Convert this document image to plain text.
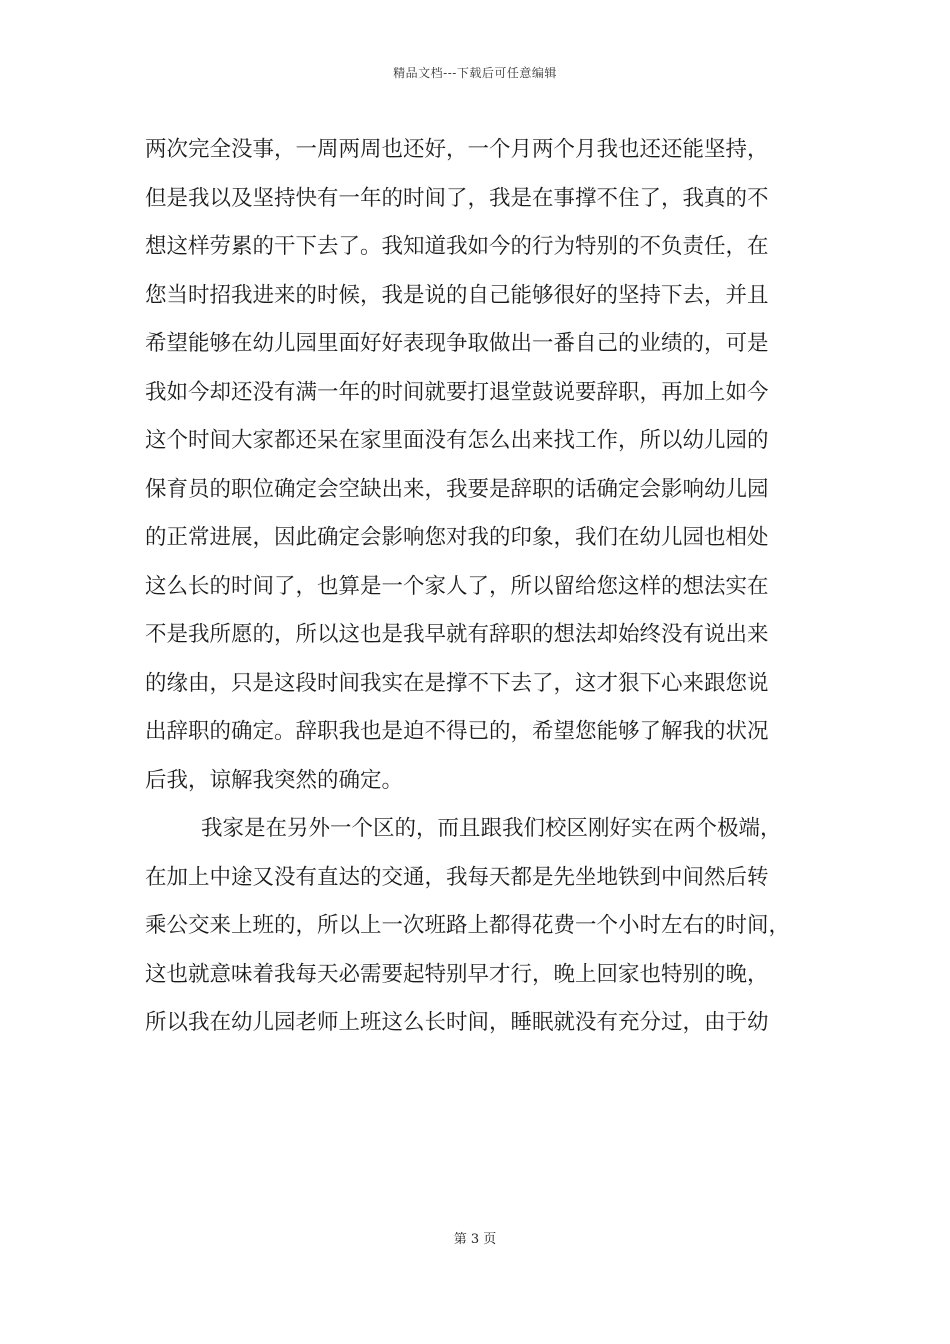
精品文档---下载后可任意编辑
两次完全没事，一周两周也还好，一个月两个月我也还还能坚持，
但是我以及坚持快有一年的时间了，我是在事撑不住了，我真的不
想这样劳累的干下去了。我知道我如今的行为特别的不负责任，在
您当时招我进来的时候，我是说的自己能够很好的坚持下去，并且
希望能够在幼儿园里面好好表现争取做出一番自己的业绩的，可是
我如今却还没有满一年的时间就要打退堂鼓说要辞职，再加上如今
这个时间大家都还呆在家里面没有怎么出来找工作，所以幼儿园的
保育员的职位确定会空缺出来，我要是辞职的话确定会影响幼儿园
的正常进展，因此确定会影响您对我的印象，我们在幼儿园也相处
这么长的时间了，也算是一个家人了，所以留给您这样的想法实在
不是我所愿的，所以这也是我早就有辞职的想法却始终没有说出来
的缘由，只是这段时间我实在是撑不下去了，这才狠下心来跟您说
出辞职的确定。辞职我也是迫不得已的，希望您能够了解我的状况
后我，谅解我突然的确定。
我家是在另外一个区的，而且跟我们校区刚好实在两个极端，
在加上中途又没有直达的交通，我每天都是先坐地铁到中间然后转
乘公交来上班的，所以上一次班路上都得花费一个小时左右的时间，
这也就意味着我每天必需要起特别早才行，晚上回家也特别的晚，
所以我在幼儿园老师上班这么长时间，睡眠就没有充分过，由于幼
第 3 页
